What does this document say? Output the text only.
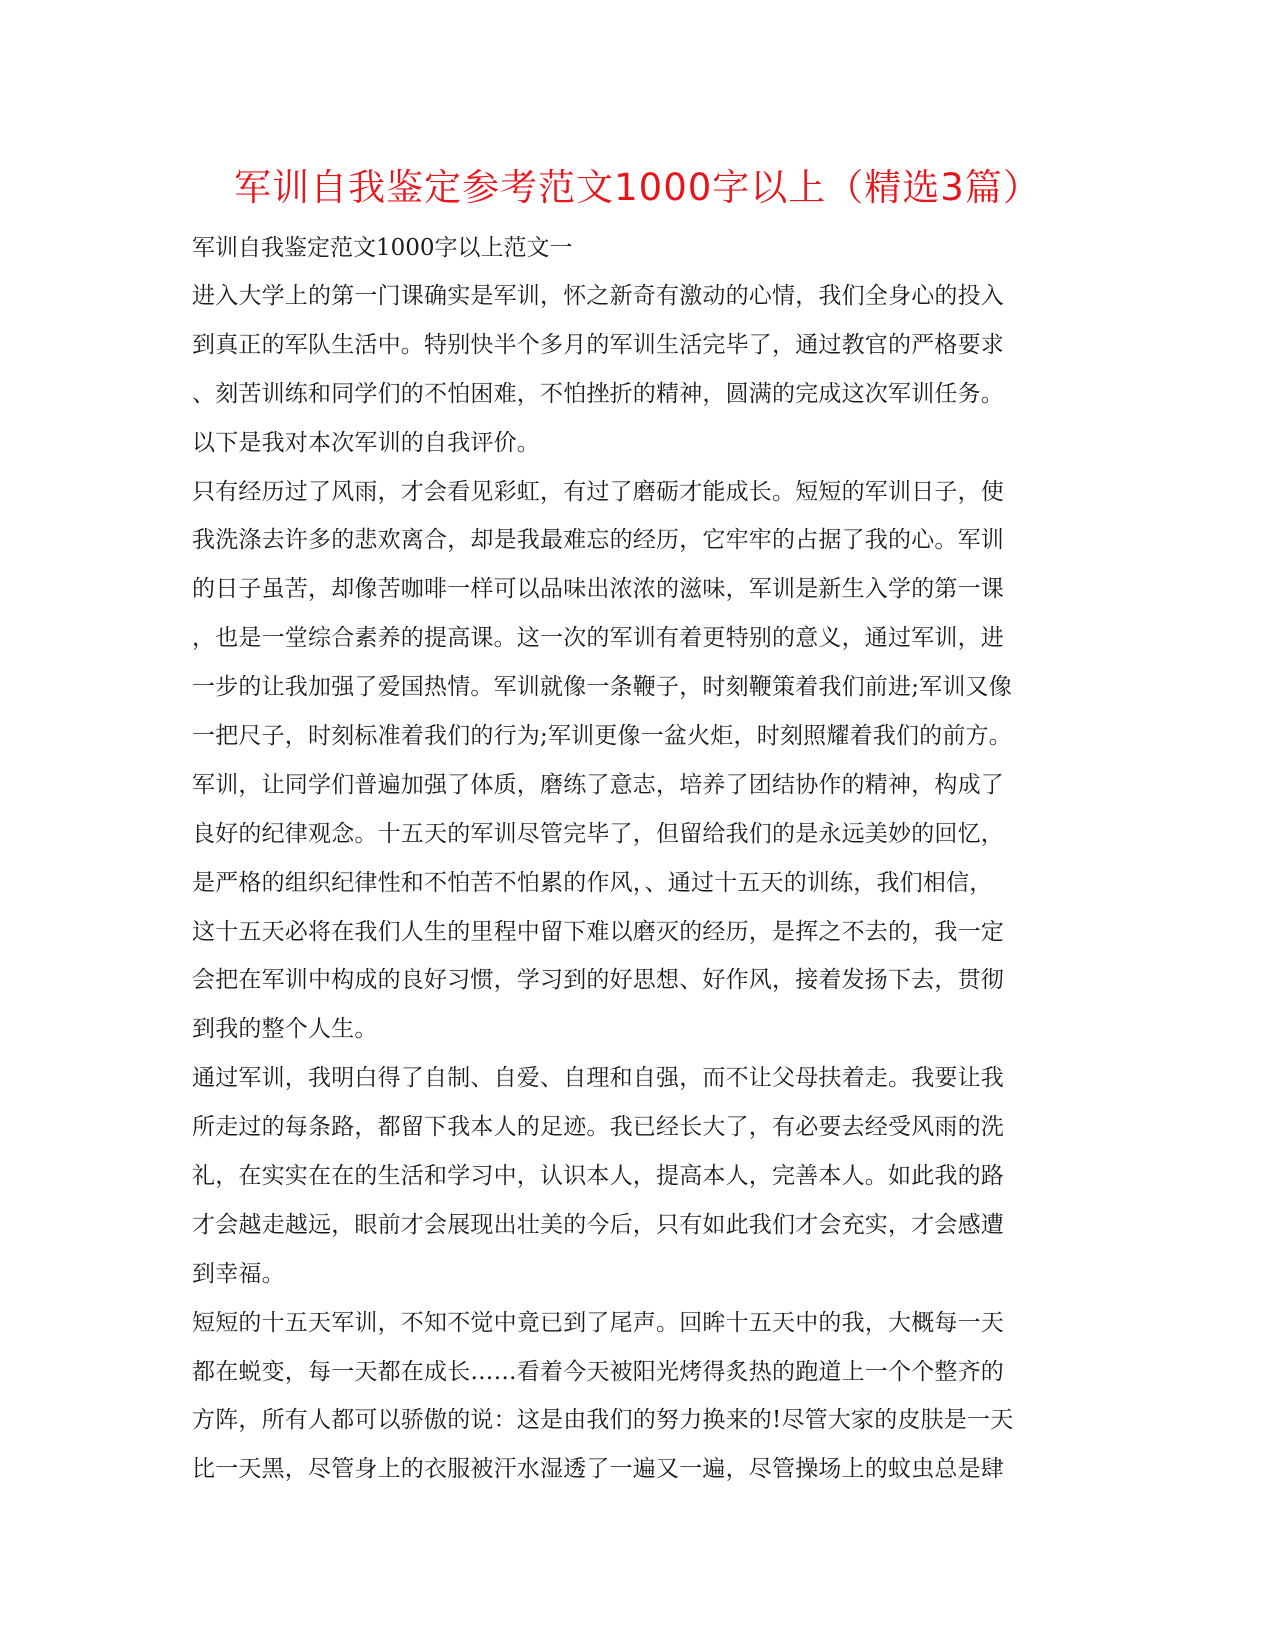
军训自我鉴定参考范文1000字以上（精选3篇）
军训自我鉴定范文1000字以上范文一
进入大学上的第一门课确实是军训，怀之新奇有激动的心情，我们全身心的投入
到真正的军队生活中。特别快半个多月的军训生活完毕了，通过教官的严格要求
、刻苦训练和同学们的不怕困难，不怕挫折的精神，圆满的完成这次军训任务。
以下是我对本次军训的自我评价。
只有经历过了风雨，才会看见彩虹，有过了磨砺才能成长。短短的军训日子，使
我洗涤去许多的悲欢离合，却是我最难忘的经历，它牢牢的占据了我的心。军训
的日子虽苦，却像苦咖啡一样可以品味出浓浓的滋味，军训是新生入学的第一课
，也是一堂综合素养的提高课。这一次的军训有着更特别的意义，通过军训，进
一步的让我加强了爱国热情。军训就像一条鞭子，时刻鞭策着我们前进;军训又像
一把尺子，时刻标准着我们的行为;军训更像一盆火炬，时刻照耀着我们的前方。
军训，让同学们普遍加强了体质，磨练了意志，培养了团结协作的精神，构成了
良好的纪律观念。十五天的军训尽管完毕了，但留给我们的是永远美妙的回忆，
是严格的组织纪律性和不怕苦不怕累的作风，、通过十五天的训练，我们相信，
这十五天必将在我们人生的里程中留下难以磨灭的经历，是挥之不去的，我一定
会把在军训中构成的良好习惯，学习到的好思想、好作风，接着发扬下去，贯彻
到我的整个人生。
通过军训，我明白得了自制、自爱、自理和自强，而不让父母扶着走。我要让我
所走过的每条路，都留下我本人的足迹。我已经长大了，有必要去经受风雨的洗
礼，在实实在在的生活和学习中，认识本人，提高本人，完善本人。如此我的路
才会越走越远，眼前才会展现出壮美的今后，只有如此我们才会充实，才会感遭
到幸福。
短短的十五天军训，不知不觉中竟已到了尾声。回眸十五天中的我，大概每一天
都在蜕变，每一天都在成长……看着今天被阳光烤得炙热的跑道上一个个整齐的
方阵，所有人都可以骄傲的说：这是由我们的努力换来的!尽管大家的皮肤是一天
比一天黑，尽管身上的衣服被汗水湿透了一遍又一遍，尽管操场上的蚊虫总是肆
